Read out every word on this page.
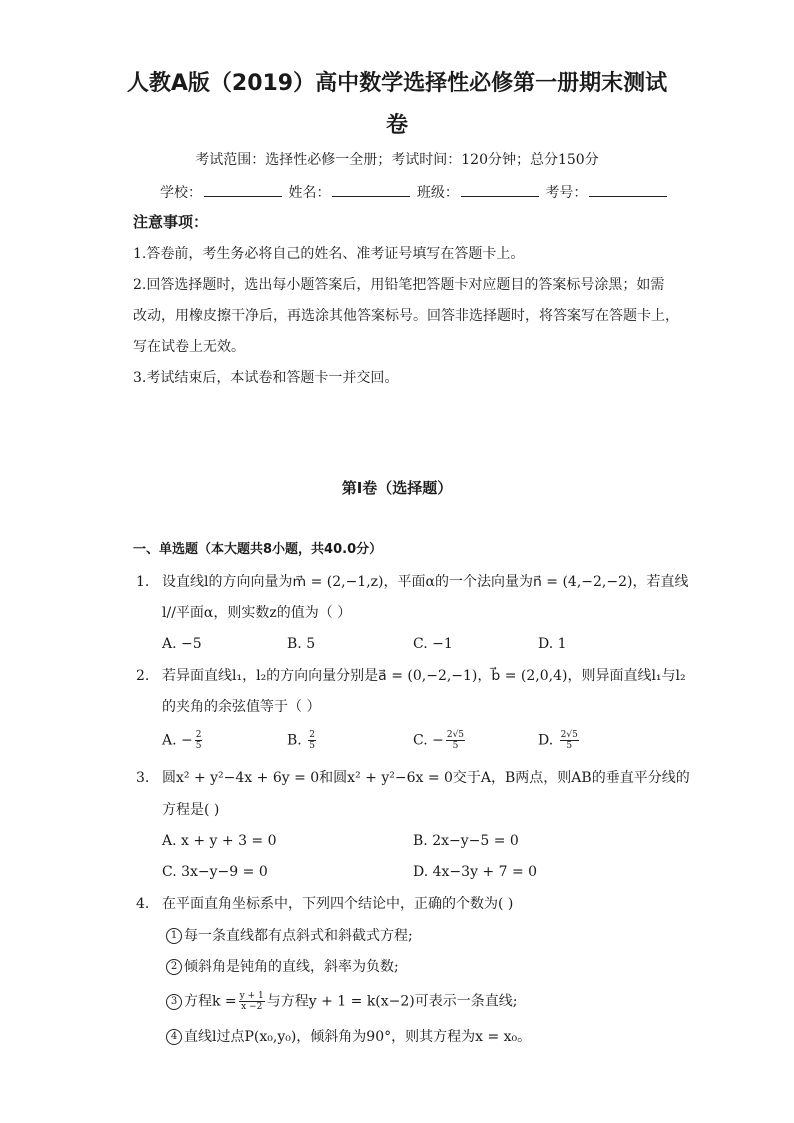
人教A版（2019）高中数学选择性必修第一册期末测试
卷
考试范围：选择性必修一全册；考试时间：120分钟；总分150分
学校：	姓名：	班级：	考号：
注意事项：
1.答卷前，考生务必将自己的姓名、准考证号填写在答题卡上。
2.回答选择题时，选出每小题答案后，用铅笔把答题卡对应题目的答案标号涂黑；如需
改动，用橡皮擦干净后，再选涂其他答案标号。回答非选择题时，将答案写在答题卡上，
写在试卷上无效。
3.考试结束后，本试卷和答题卡一并交回。
第I卷（选择题）
一、单选题（本大题共8小题，共40.0分）
1. 设直线l的方向向量为m⃗ = (2,−1,z)，平面α的一个法向量为n⃗ = (4,−2,−2)，若直线
l//平面α，则实数z的值为（ ）
A. −5	B. 5	C. −1	D. 1
2. 若异面直线l₁，l₂的方向向量分别是a⃗ = (0,−2,−1)，b⃗ = (2,0,4)，则异面直线l₁与l₂
的夹角的余弦值等于（ ）
A. − $\frac{2}{5}$	B. $\frac{2}{5}$	C. − $\frac{2√5}{5}$	D. $\frac{2√5}{5}$
3. 圆x² + y²−4x + 6y = 0和圆x² + y²−6x = 0交于A，B两点，则AB的垂直平分线的
方程是( )
A. x + y + 3 = 0	B. 2x−y−5 = 0
C. 3x−y−9 = 0	D. 4x−3y + 7 = 0
4. 在平面直角坐标系中，下列四个结论中，正确的个数为( )
1 每一条直线都有点斜式和斜截式方程;
2 倾斜角是钝角的直线，斜率为负数;
3 方程$k = \frac{y + 1}{x -2}$ 与方程y + 1 = k(x−2)可表示一条直线;
4 直线l过点P(x₀,y₀)，倾斜角为90°，则其方程为x = x₀。
